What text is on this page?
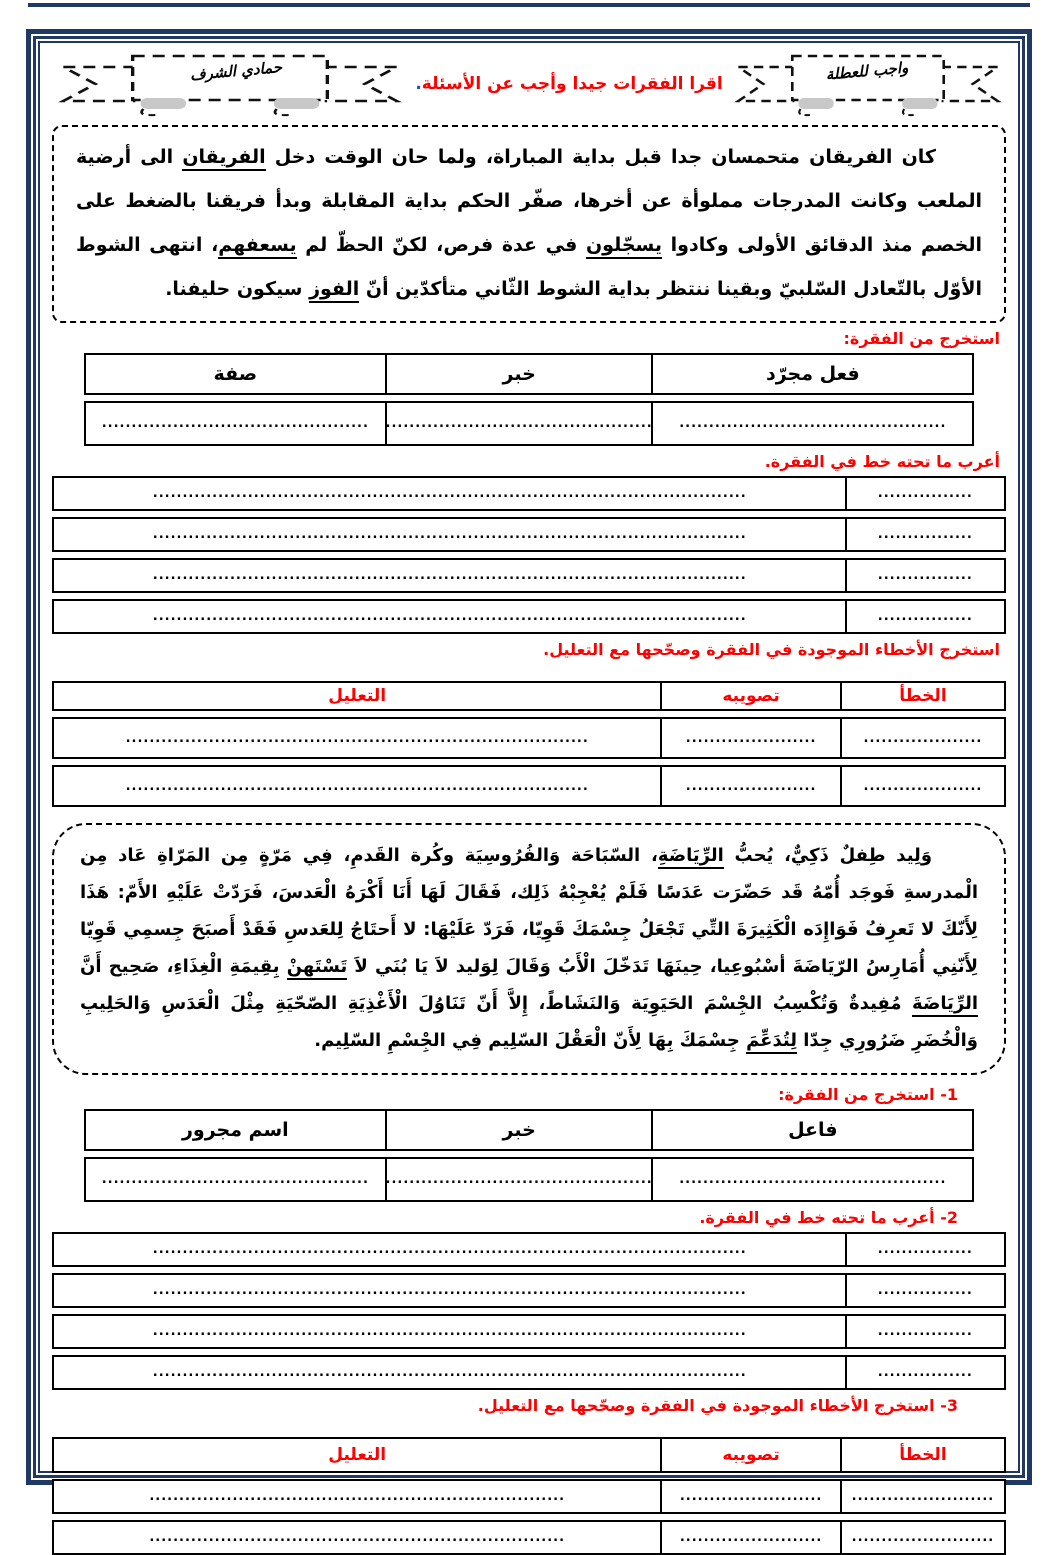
واجب للعطلة
اقرا الفقرات جيدا وأجب عن الأسئلة.
حمادي الشرف

كان الفريقان متحمسان جدا قبل بداية المباراة، ولما حان الوقت دخل الفريقان الى أرضية الملعب وكانت المدرجات مملوأة عن أخرها، صفّر الحكم بداية المقابلة وبدأ فريقنا بالضغط على الخصم منذ الدقائق الأولى وكادوا يسجّلون في عدة فرص، لكنّ الحظّ لم يسعفهم، انتهى الشوط الأوّل بالتّعادل السّلبيّ وبقينا ننتظر بداية الشوط الثّاني متأكدّين أنّ الفوز سيكون حليفنا.

استخرج من الفقرة:
فعل مجرّد
خبر
صفة
.............................................
.............................................
.............................................
أعرب ما تحته خط في الفقرة.
................
....................................................................................................
................
....................................................................................................
................
....................................................................................................
................
....................................................................................................
استخرج الأخطاء الموجودة في الفقرة وصحّحها مع التعليل.
الخطأ
تصويبه
التعليل
....................
......................
..............................................................................
....................
......................
..............................................................................

وَلِيد طِفلٌ ذَكِيٌّ، يُحبُّ الرِّيَاضَةِ، السّبَاحَة وَالفُرُوسِيَة وكُرة القَدمِ، فِي مَرّةٍ مِن المَرّاةِ عَاد مِن الْمدرسةِ فَوجَد أُمّهُ قَد حَضّرَت عَدَسًا فَلَمْ يُعْجِبْهُ ذَلِك، فَقَالَ لَهَا أَنَا أَكْرَهُ الْعَدسَ، فَرَدّتْ عَلَيْهِ الأَمّ: هَذَا لِأَنّكَ لا تَعرِفُ فَوَاإِدَه الْكَثِيرَةَ التِّي تَجْعَلُ جِسْمَكَ قَوِيّا، فَرَدّ عَلَيْهَا: لا أَحتَاجُ لِلعَدسِ فَقَدْ أَصبَحَ جِسمِي قَوِيّا لِأَنّنِي أُمَارِسُ الرّيَاضَةَ أسْبُوعِيا، حِينَهَا تَدَخّلَ الْأَبُ وَقَالَ لِوَليد لاَ يَا بُنَي لاَ تَسْتَهِنْ بِقِيمَةِ الْغِذَاءِ، صَحِيح أَنَّ الرِّيَاضَةَ مُفِيدةٌ وَتُكْسِبُ الجِْسْمَ الحَيَوِيَة وَالنَشَاطً، إِلاَّ أَنّ تَنَاوُلَ الْأَغْذِيَةِ الصّحّيَةِ مِثْلَ الْعَدَسِ وَالحَلِيبِ وَالْخُضَرِ ضَرُورِي جِدّا لِتُدَعِّمَ جِسْمَكَ بِهَا لِأَنّ الْعَقْلَ السّلِيم فِي الجِْسْمِ السّلِيم.

1- استخرج من الفقرة:
فاعل
خبر
اسم مجرور
.............................................
.............................................
.............................................
2- أعرب ما تحته خط في الفقرة.
................
....................................................................................................
................
....................................................................................................
................
....................................................................................................
................
....................................................................................................
3- استخرج الأخطاء الموجودة في الفقرة وصحّحها مع التعليل.
الخطأ
تصويبه
التعليل
........................
........................
......................................................................
........................
........................
......................................................................
